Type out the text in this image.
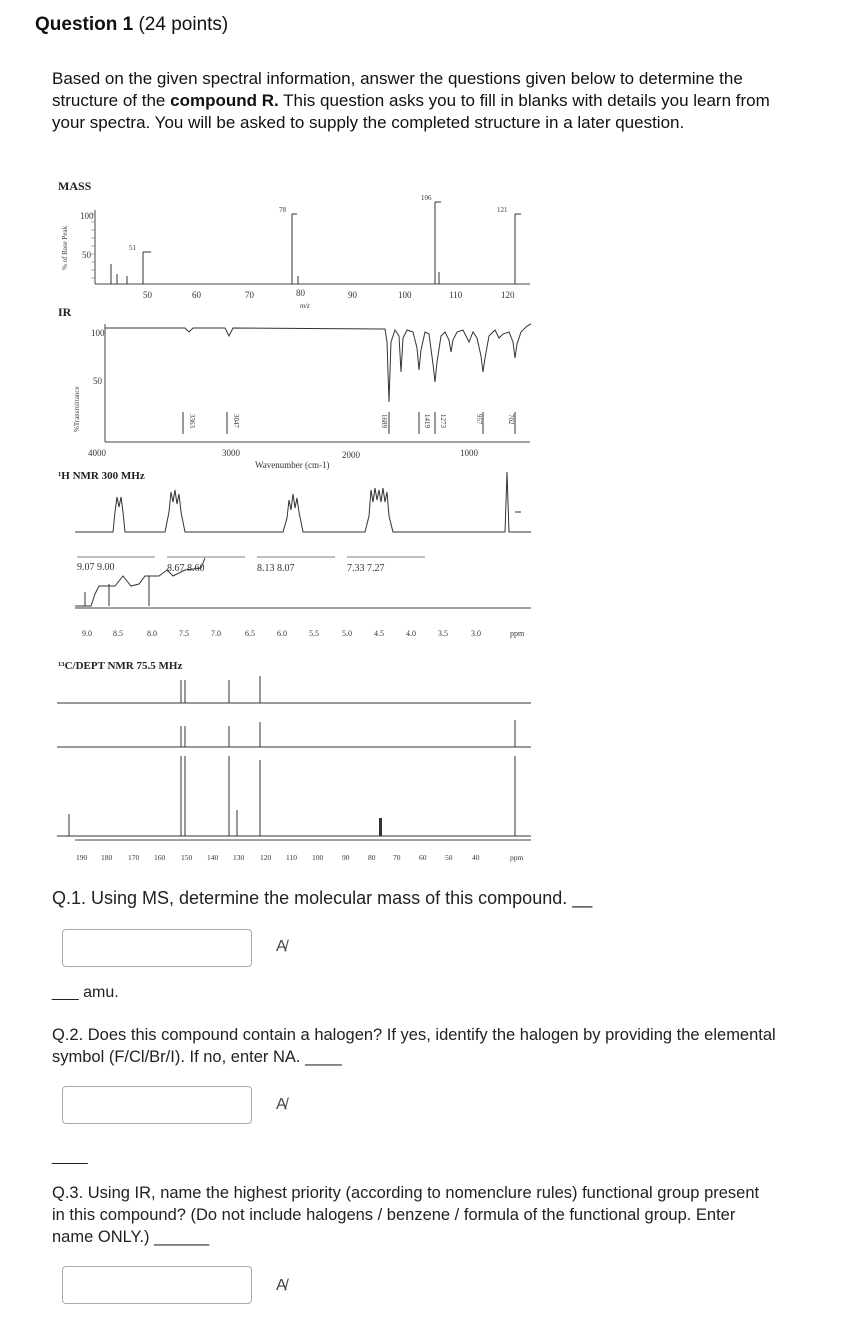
Question 1 (24 points)
Based on the given spectral information, answer the questions given below to determine the structure of the compound R. This question asks you to fill in blanks with details you learn from your spectra. You will be asked to supply the completed structure in a later question.
MASS
% of Base Peak
100
50
51
78
106
121
50	60	70	80	90	100	110	120
m/z
IR
%Transmittance
100
50
3363	3047	1689	1419 1273	957	702
4000	3000	2000	1000
Wavenumber (cm-1)
¹H NMR 300 MHz
9.07 9.00	8.67 8.60	8.13 8.07	7.33 7.27
9.0	8.5	8.0	7.5	7.0	6.5	6.0	5.5	5.0	4.5	4.0	3.5	3.0	ppm
¹³C/DEPT NMR 75.5 MHz
190 180 170 160 150 140 130 120 110 100	90 80 70 60 50	40	ppm
Q.1. Using MS, determine the molecular mass of this compound. __
A̸
___ amu.
Q.2. Does this compound contain a halogen? If yes, identify the halogen by providing the elemental symbol (F/Cl/Br/I). If no, enter NA. ____
A̸
____
Q.3. Using IR, name the highest priority (according to nomenclure rules) functional group present in this compound? (Do not include halogens / benzene / formula of the functional group. Enter name ONLY.) ______
A̸
